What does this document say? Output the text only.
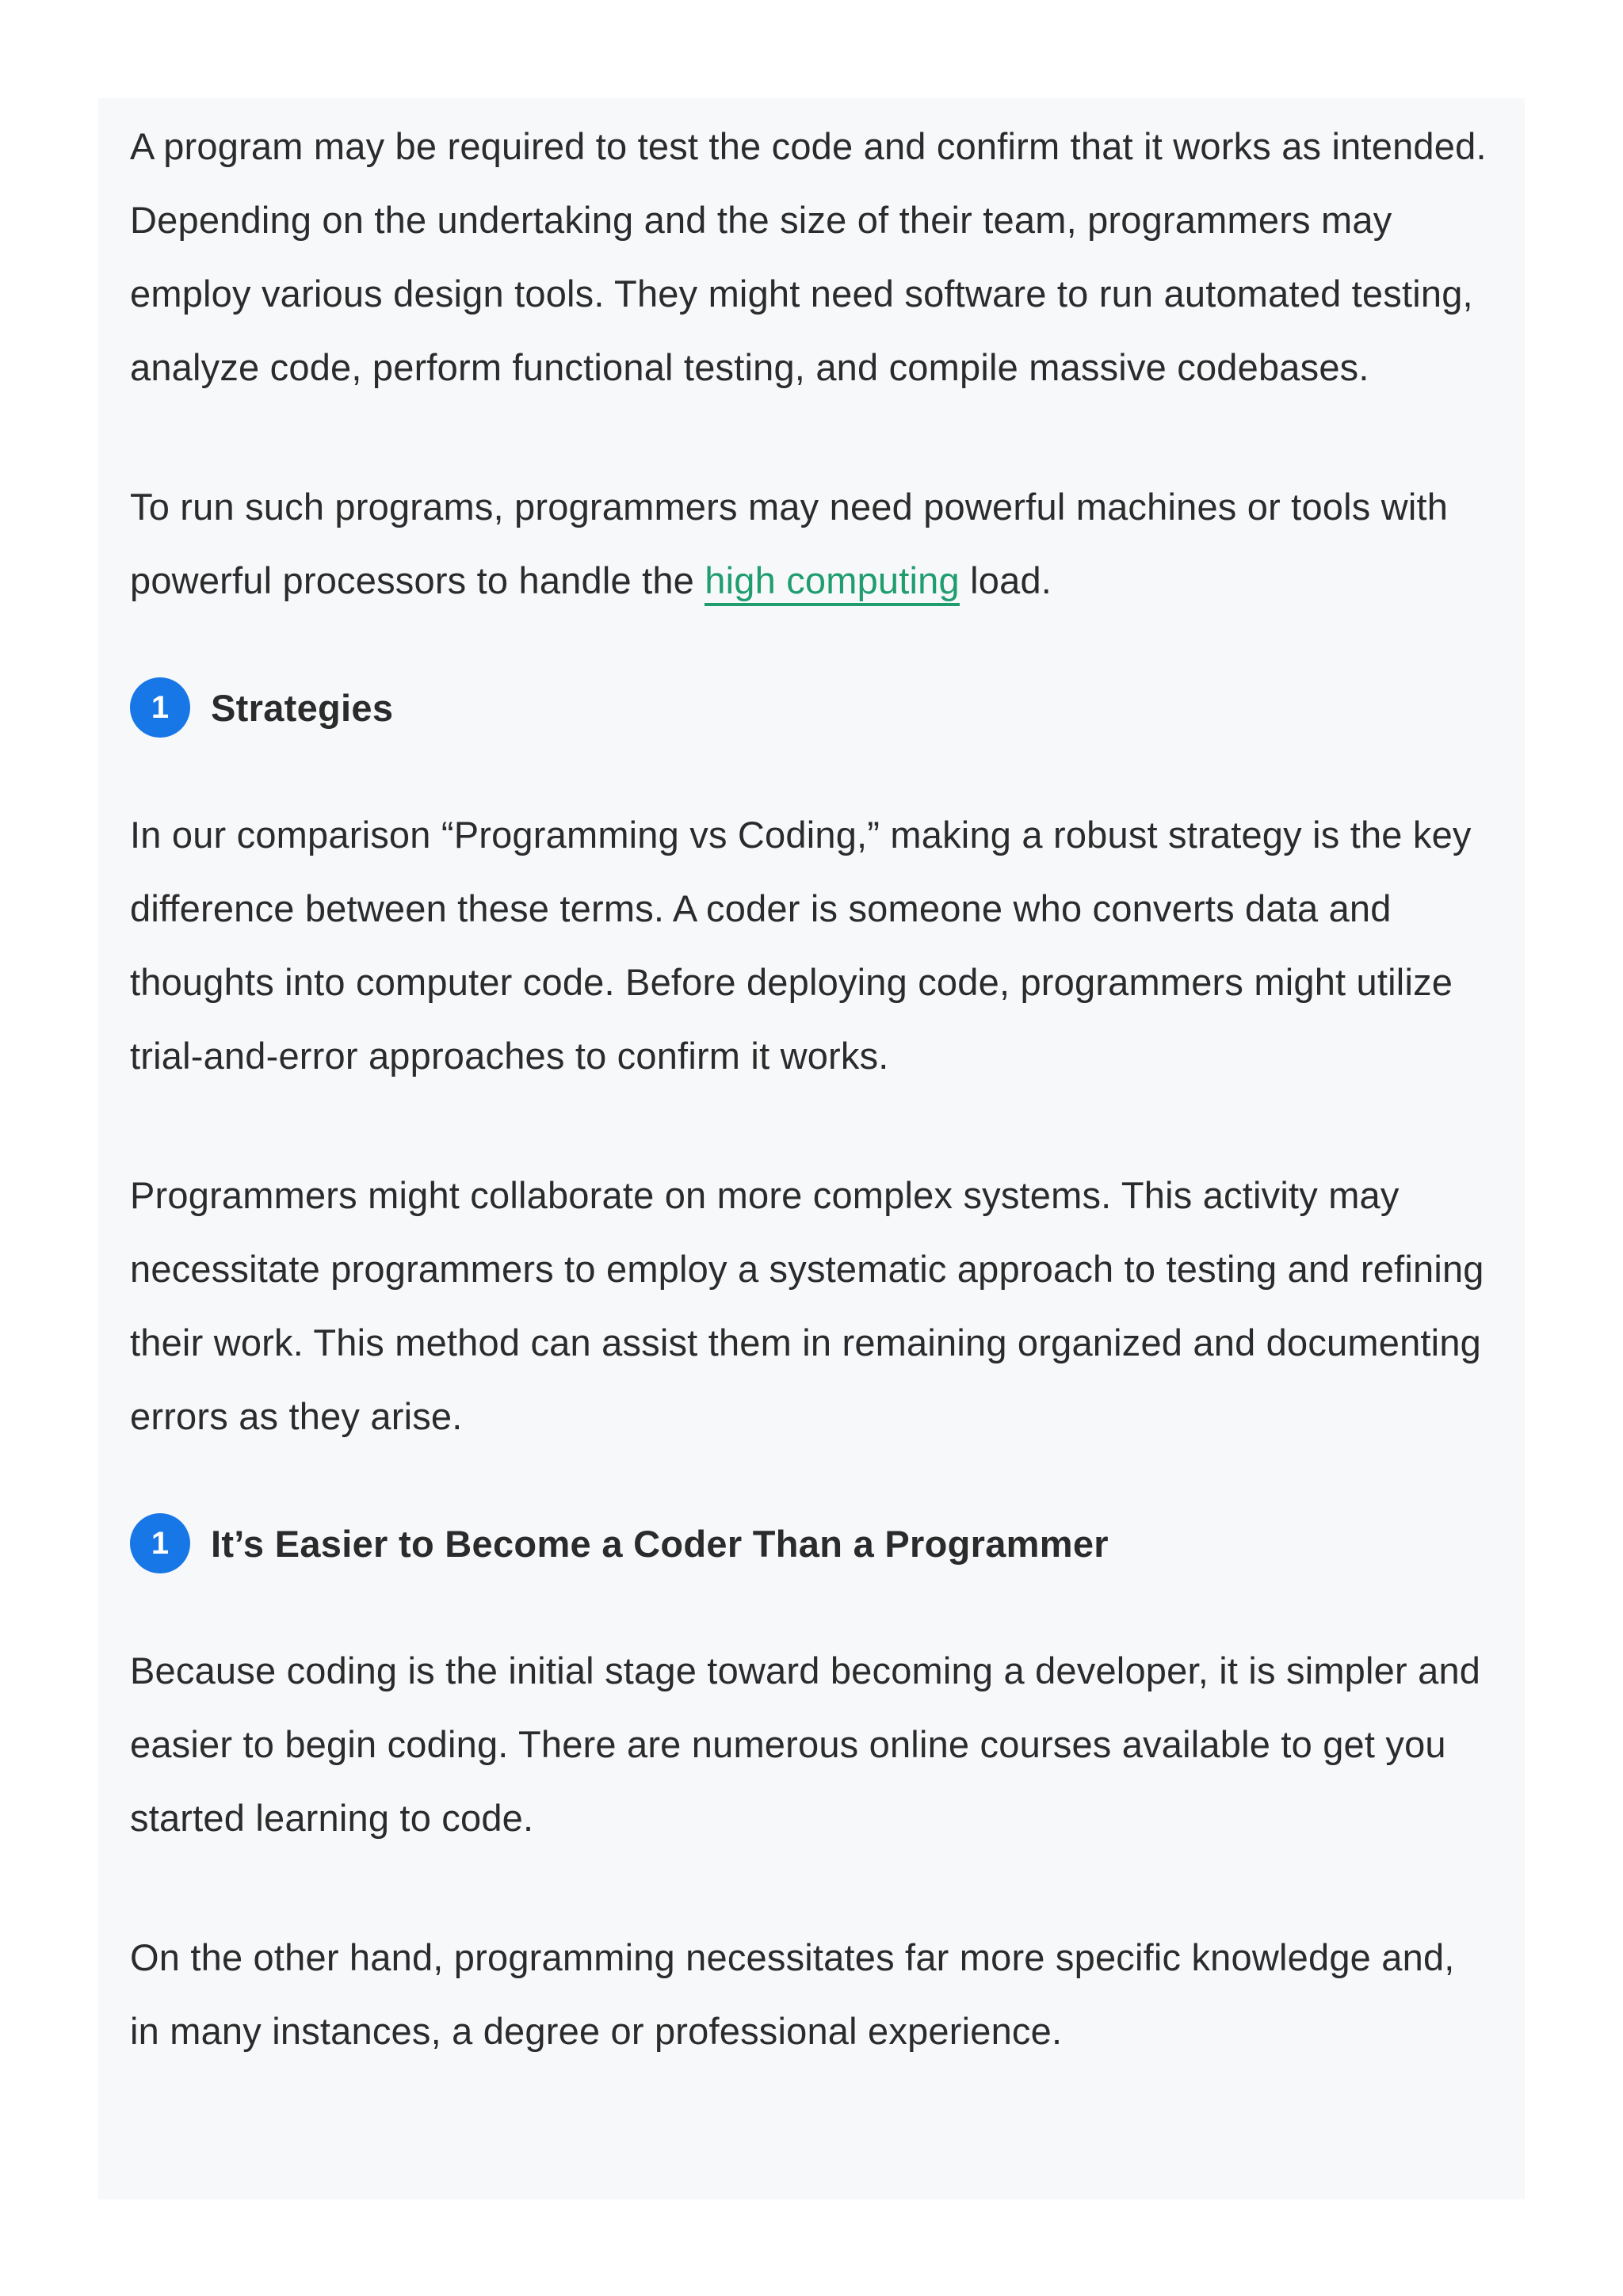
A program may be required to test the code and confirm that it works as intended. Depending on the undertaking and the size of their team, programmers may employ various design tools. They might need software to run automated testing, analyze code, perform functional testing, and compile massive codebases.

To run such programs, programmers may need powerful machines or tools with powerful processors to handle the high computing load.

1	Strategies

In our comparison “Programming vs Coding,” making a robust strategy is the key difference between these terms. A coder is someone who converts data and thoughts into computer code. Before deploying code, programmers might utilize trial-and-error approaches to confirm it works.

Programmers might collaborate on more complex systems. This activity may necessitate programmers to employ a systematic approach to testing and refining their work. This method can assist them in remaining organized and documenting errors as they arise.

1	It’s Easier to Become a Coder Than a Programmer

Because coding is the initial stage toward becoming a developer, it is simpler and easier to begin coding. There are numerous online courses available to get you started learning to code.

On the other hand, programming necessitates far more specific knowledge and, in many instances, a degree or professional experience.
